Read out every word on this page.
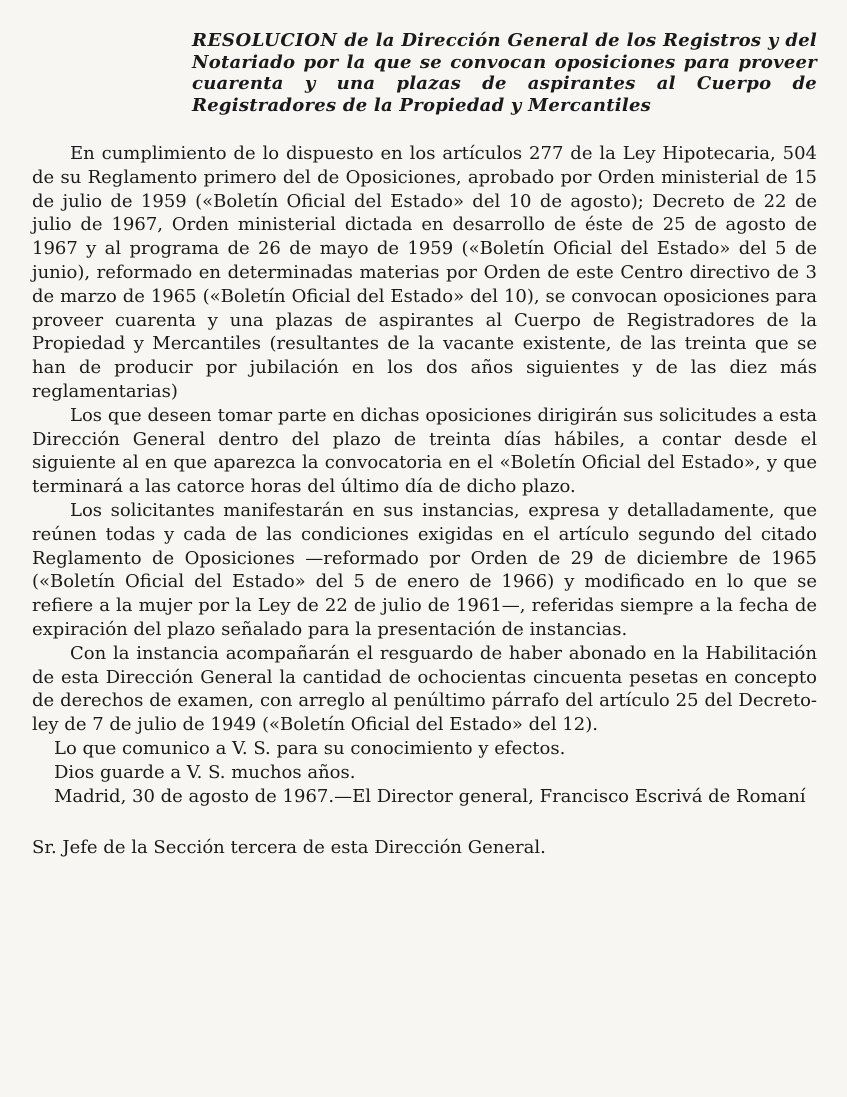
RESOLUCION de la Dirección General de los Registros y del Notariado por la que se convocan oposiciones para proveer cuarenta y una plazas de aspirantes al Cuerpo de Registradores de la Propiedad y Mercantiles

En cumplimiento de lo dispuesto en los artículos 277 de la Ley Hipotecaria, 504 de su Reglamento primero del de Oposiciones, aprobado por Orden ministerial de 15 de julio de 1959 («Boletín Oficial del Estado» del 10 de agosto); Decreto de 22 de julio de 1967, Orden ministerial dictada en desarrollo de éste de 25 de agosto de 1967 y al programa de 26 de mayo de 1959 («Boletín Oficial del Estado» del 5 de junio), reformado en determinadas materias por Orden de este Centro directivo de 3 de marzo de 1965 («Boletín Oficial del Estado» del 10), se convocan oposiciones para proveer cuarenta y una plazas de aspirantes al Cuerpo de Registradores de la Propiedad y Mercantiles (resultantes de la vacante existente, de las treinta que se han de producir por jubilación en los dos años siguientes y de las diez más reglamentarias)

Los que deseen tomar parte en dichas oposiciones dirigirán sus solicitudes a esta Dirección General dentro del plazo de treinta días hábiles, a contar desde el siguiente al en que aparezca la convocatoria en el «Boletín Oficial del Estado», y que terminará a las catorce horas del último día de dicho plazo.

Los solicitantes manifestarán en sus instancias, expresa y detalladamente, que reúnen todas y cada de las condiciones exigidas en el artículo segundo del citado Reglamento de Oposiciones —reformado por Orden de 29 de diciembre de 1965 («Boletín Oficial del Estado» del 5 de enero de 1966) y modificado en lo que se refiere a la mujer por la Ley de 22 de julio de 1961—, referidas siempre a la fecha de expiración del plazo señalado para la presentación de instancias.

Con la instancia acompañarán el resguardo de haber abonado en la Habilitación de esta Dirección General la cantidad de ochocientas cincuenta pesetas en concepto de derechos de examen, con arreglo al penúltimo párrafo del artículo 25 del Decreto-ley de 7 de julio de 1949 («Boletín Oficial del Estado» del 12).

Lo que comunico a V. S. para su conocimiento y efectos.

Dios guarde a V. S. muchos años.

Madrid, 30 de agosto de 1967.—El Director general, Francisco Escrivá de Romaní

Sr. Jefe de la Sección tercera de esta Dirección General.
